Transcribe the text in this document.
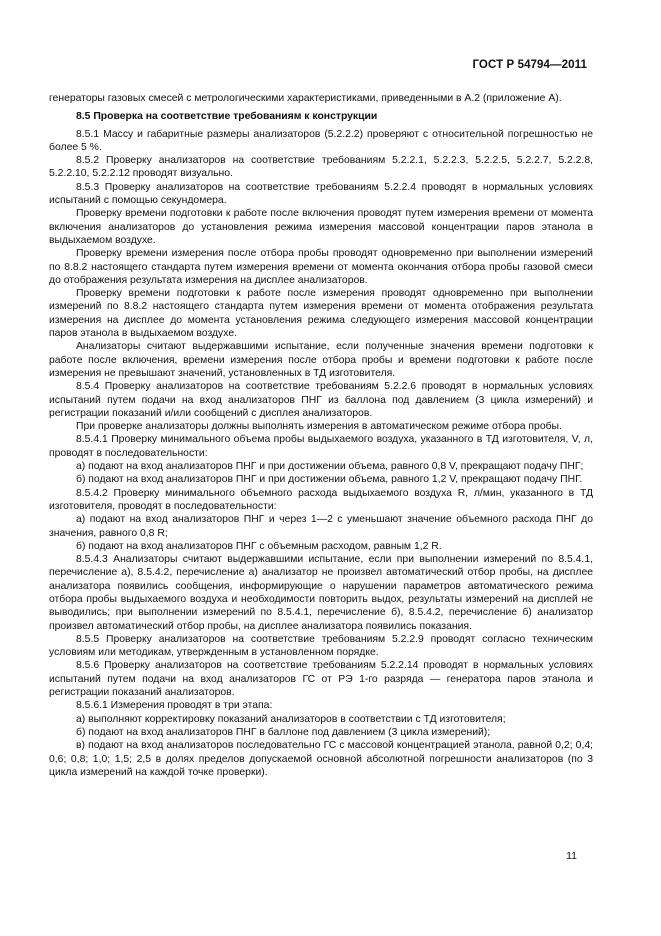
ГОСТ Р 54794—2011

генераторы газовых смесей с метрологическими характеристиками, приведенными в А.2 (приложение А).

8.5 Проверка на соответствие требованиям к конструкции

8.5.1 Массу и габаритные размеры анализаторов (5.2.2.2) проверяют с относительной погрешностью не более 5 %.

8.5.2 Проверку анализаторов на соответствие требованиям 5.2.2.1, 5.2.2.3, 5.2.2.5, 5.2.2.7, 5.2.2.8, 5.2.2.10, 5.2.2.12 проводят визуально.

8.5.3 Проверку анализаторов на соответствие требованиям 5.2.2.4 проводят в нормальных условиях испытаний с помощью секундомера.

Проверку времени подготовки к работе после включения проводят путем измерения времени от момента включения анализаторов до установления режима измерения массовой концентрации паров этанола в выдыхаемом воздухе.

Проверку времени измерения после отбора пробы проводят одновременно при выполнении измерений по 8.8.2 настоящего стандарта путем измерения времени от момента окончания отбора пробы газовой смеси до отображения результата измерения на дисплее анализаторов.

Проверку времени подготовки к работе после измерения проводят одновременно при выполнении измерений по 8.8.2 настоящего стандарта путем измерения времени от момента отображения результата измерения на дисплее до момента установления режима следующего измерения массовой концентрации паров этанола в выдыхаемом воздухе.

Анализаторы считают выдержавшими испытание, если полученные значения времени подготовки к работе после включения, времени измерения после отбора пробы и времени подготовки к работе после измерения не превышают значений, установленных в ТД изготовителя.

8.5.4 Проверку анализаторов на соответствие требованиям 5.2.2.6 проводят в нормальных условиях испытаний путем подачи на вход анализаторов ПНГ из баллона под давлением (3 цикла измерений) и регистрации показаний и/или сообщений с дисплея анализаторов.

При проверке анализаторы должны выполнять измерения в автоматическом режиме отбора пробы.

8.5.4.1 Проверку минимального объема пробы выдыхаемого воздуха, указанного в ТД изготовителя, V, л, проводят в последовательности:

а) подают на вход анализаторов ПНГ и при достижении объема, равного 0,8 V, прекращают подачу ПНГ;

б) подают на вход анализаторов ПНГ и при достижении объема, равного 1,2 V, прекращают подачу ПНГ.

8.5.4.2 Проверку минимального объемного расхода выдыхаемого воздуха R, л/мин, указанного в ТД изготовителя, проводят в последовательности:

а) подают на вход анализаторов ПНГ и через 1—2 с уменьшают значение объемного расхода ПНГ до значения, равного 0,8 R;

б) подают на вход анализаторов ПНГ с объемным расходом, равным 1,2 R.

8.5.4.3 Анализаторы считают выдержавшими испытание, если при выполнении измерений по 8.5.4.1, перечисление а), 8.5.4.2, перечисление а) анализатор не произвел автоматический отбор пробы, на дисплее анализатора появились сообщения, информирующие о нарушении параметров автоматического режима отбора пробы выдыхаемого воздуха и необходимости повторить выдох, результаты измерений на дисплей не выводились; при выполнении измерений по 8.5.4.1, перечисление б), 8.5.4.2, перечисление б) анализатор произвел автоматический отбор пробы, на дисплее анализатора появились показания.

8.5.5 Проверку анализаторов на соответствие требованиям 5.2.2.9 проводят согласно техническим условиям или методикам, утвержденным в установленном порядке.

8.5.6 Проверку анализаторов на соответствие требованиям 5.2.2.14 проводят в нормальных условиях испытаний путем подачи на вход анализаторов ГС от РЭ 1-го разряда — генератора паров этанола и регистрации показаний анализаторов.

8.5.6.1 Измерения проводят в три этапа:

а) выполняют корректировку показаний анализаторов в соответствии с ТД изготовителя;

б) подают на вход анализаторов ПНГ в баллоне под давлением (3 цикла измерений);

в) подают на вход анализаторов последовательно ГС с массовой концентрацией этанола, равной 0,2; 0,4; 0,6; 0,8; 1,0; 1,5; 2,5 в долях пределов допускаемой основной абсолютной погрешности анализаторов (по 3 цикла измерений на каждой точке проверки).

11
